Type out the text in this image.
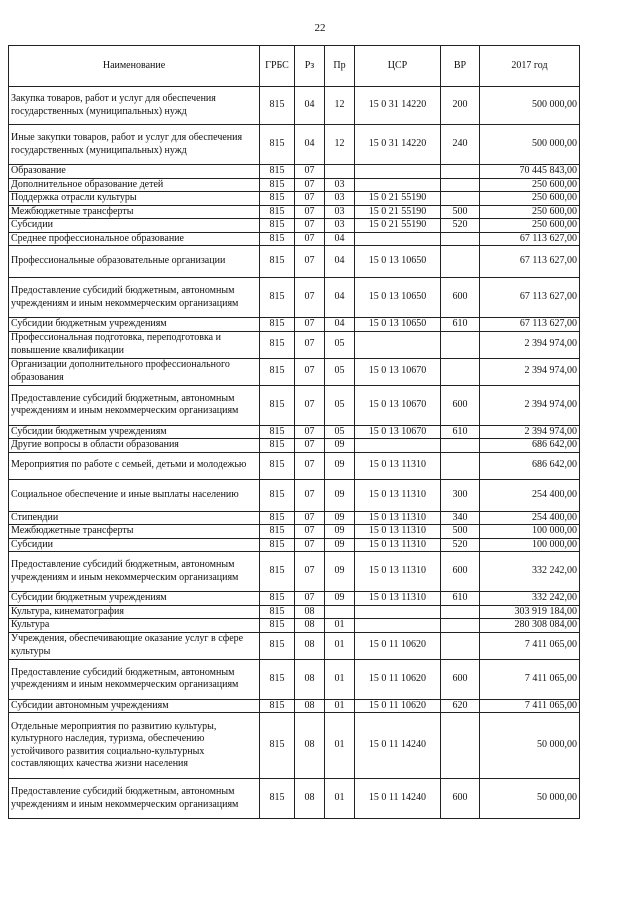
22
Наименование	ГРБС	Рз	Пр	ЦСР	ВР	2017 год
Закупка товаров, работ и услуг для обеспечения государственных (муниципальных) нужд	815	04	12	15 0 31 14220	200	500 000,00
Иные закупки товаров, работ и услуг для обеспечения государственных (муниципальных) нужд	815	04	12	15 0 31 14220	240	500 000,00
Образование	815	07				70 445 843,00
Дополнительное образование детей	815	07	03			250 600,00
Поддержка отрасли культуры	815	07	03	15 0 21 55190		250 600,00
Межбюджетные трансферты	815	07	03	15 0 21 55190	500	250 600,00
Субсидии	815	07	03	15 0 21 55190	520	250 600,00
Среднее профессиональное образование	815	07	04			67 113 627,00
Профессиональные образовательные организации	815	07	04	15 0 13 10650		67 113 627,00
Предоставление субсидий бюджетным, автономным учреждениям и иным некоммерческим организациям	815	07	04	15 0 13 10650	600	67 113 627,00
Субсидии бюджетным учреждениям	815	07	04	15 0 13 10650	610	67 113 627,00
Профессиональная подготовка, переподготовка и повышение квалификации	815	07	05			2 394 974,00
Организации дополнительного профессионального образования	815	07	05	15 0 13 10670		2 394 974,00
Предоставление субсидий бюджетным, автономным учреждениям и иным некоммерческим организациям	815	07	05	15 0 13 10670	600	2 394 974,00
Субсидии бюджетным учреждениям	815	07	05	15 0 13 10670	610	2 394 974,00
Другие вопросы в области образования	815	07	09			686 642,00
Мероприятия по работе с семьей, детьми и молодежью	815	07	09	15 0 13 11310		686 642,00
Социальное обеспечение и иные выплаты населению	815	07	09	15 0 13 11310	300	254 400,00
Стипендии	815	07	09	15 0 13 11310	340	254 400,00
Межбюджетные трансферты	815	07	09	15 0 13 11310	500	100 000,00
Субсидии	815	07	09	15 0 13 11310	520	100 000,00
Предоставление субсидий бюджетным, автономным учреждениям и иным некоммерческим организациям	815	07	09	15 0 13 11310	600	332 242,00
Субсидии бюджетным учреждениям	815	07	09	15 0 13 11310	610	332 242,00
Культура, кинематография	815	08				303 919 184,00
Культура	815	08	01			280 308 084,00
Учреждения, обеспечивающие оказание услуг в сфере культуры	815	08	01	15 0 11 10620		7 411 065,00
Предоставление субсидий бюджетным, автономным учреждениям и иным некоммерческим организациям	815	08	01	15 0 11 10620	600	7 411 065,00
Субсидии автономным учреждениям	815	08	01	15 0 11 10620	620	7 411 065,00
Отдельные мероприятия по развитию культуры, культурного наследия, туризма, обеспечению устойчивого развития социально-культурных составляющих качества жизни населения	815	08	01	15 0 11 14240		50 000,00
Предоставление субсидий бюджетным, автономным учреждениям и иным некоммерческим организациям	815	08	01	15 0 11 14240	600	50 000,00
